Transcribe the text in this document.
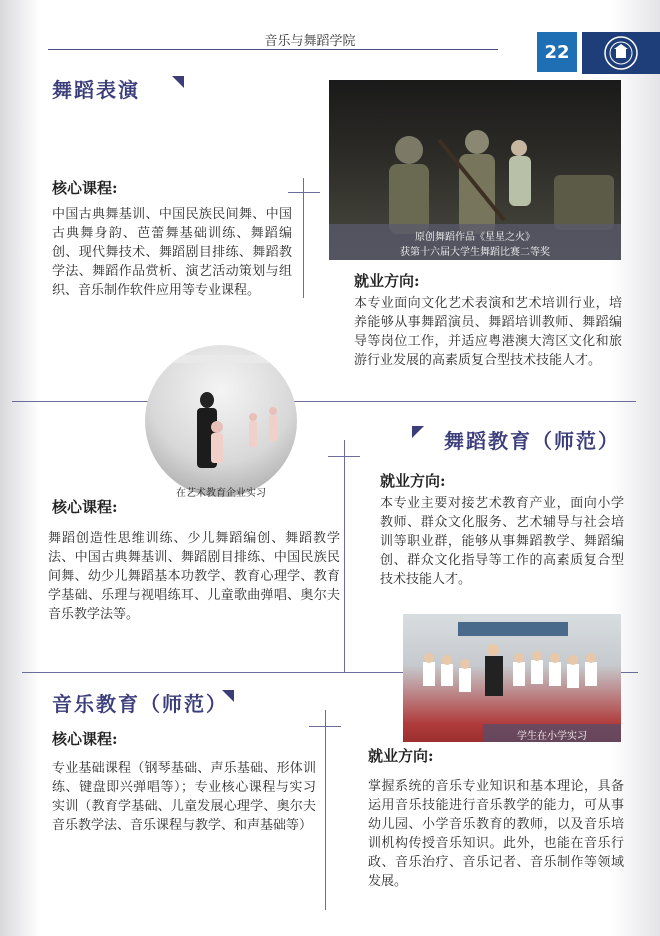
音乐与舞蹈学院	22
舞蹈表演
核心课程:
中国古典舞基训、中国民族民间舞、中国古典舞身韵、芭蕾舞基础训练、舞蹈编创、现代舞技术、舞蹈剧目排练、舞蹈教学法、舞蹈作品赏析、演艺活动策划与组织、音乐制作软件应用等专业课程。
原创舞蹈作品《星星之火》
获第十六届大学生舞蹈比赛二等奖
就业方向:
本专业面向文化艺术表演和艺术培训行业，培养能够从事舞蹈演员、舞蹈培训教师、舞蹈编导等岗位工作，并适应粤港澳大湾区文化和旅游行业发展的高素质复合型技术技能人才。
在艺术教育企业实习
舞蹈教育（师范）
核心课程:
舞蹈创造性思维训练、少儿舞蹈编创、舞蹈教学法、中国古典舞基训、舞蹈剧目排练、中国民族民间舞、幼少儿舞蹈基本功教学、教育心理学、教育学基础、乐理与视唱练耳、儿童歌曲弹唱、奥尔夫音乐教学法等。
就业方向:
本专业主要对接艺术教育产业，面向小学教师、群众文化服务、艺术辅导与社会培训等职业群，能够从事舞蹈教学、舞蹈编创、群众文化指导等工作的高素质复合型技术技能人才。
学生在小学实习
音乐教育（师范）
核心课程:
专业基础课程（钢琴基础、声乐基础、形体训练、键盘即兴弹唱等）；专业核心课程与实习实训（教育学基础、儿童发展心理学、奥尔夫音乐教学法、音乐课程与教学、和声基础等）
就业方向:
掌握系统的音乐专业知识和基本理论，具备运用音乐技能进行音乐教学的能力，可从事幼儿园、小学音乐教育的教师，以及音乐培训机构传授音乐知识。此外，也能在音乐行政、音乐治疗、音乐记者、音乐制作等领域发展。
